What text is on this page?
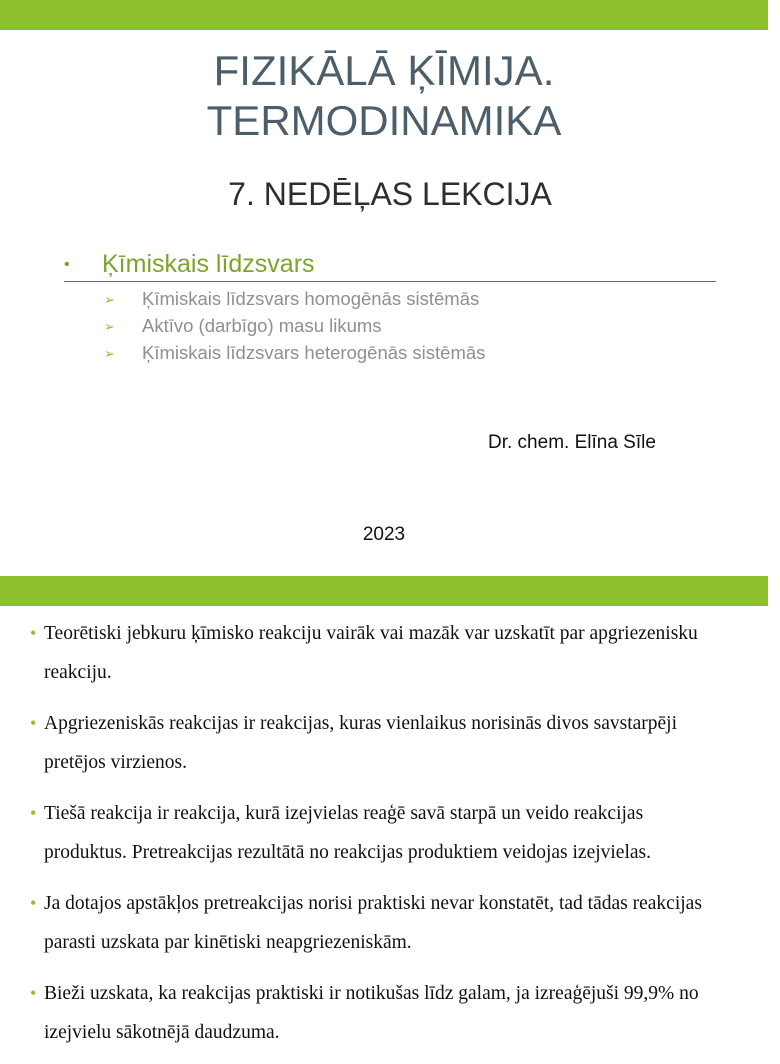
FIZIKĀLĀ ĶĪMIJA.
TERMODINAMIKA
7. NEDĒĻAS LEKCIJA
• Ķīmiskais līdzsvars
➢ Ķīmiskais līdzsvars homogēnās sistēmās
➢ Aktīvo (darbīgo) masu likums
➢ Ķīmiskais līdzsvars heterogēnās sistēmās
Dr. chem. Elīna Sīle
2023
• Teorētiski jebkuru ķīmisko reakciju vairāk vai mazāk var uzskatīt par apgriezenisku reakciju.
• Apgriezeniskās reakcijas ir reakcijas, kuras vienlaikus norisinās divos savstarpēji pretējos virzienos.
• Tiešā reakcija ir reakcija, kurā izejvielas reaģē savā starpā un veido reakcijas produktus. Pretreakcijas rezultātā no reakcijas produktiem veidojas izejvielas.
• Ja dotajos apstākļos pretreakcijas norisi praktiski nevar konstatēt, tad tādas reakcijas parasti uzskata par kinētiski neapgriezeniskām.
• Bieži uzskata, ka reakcijas praktiski ir notikušas līdz galam, ja izreaģējuši 99,9% no izejvielu sākotnējā daudzuma.
